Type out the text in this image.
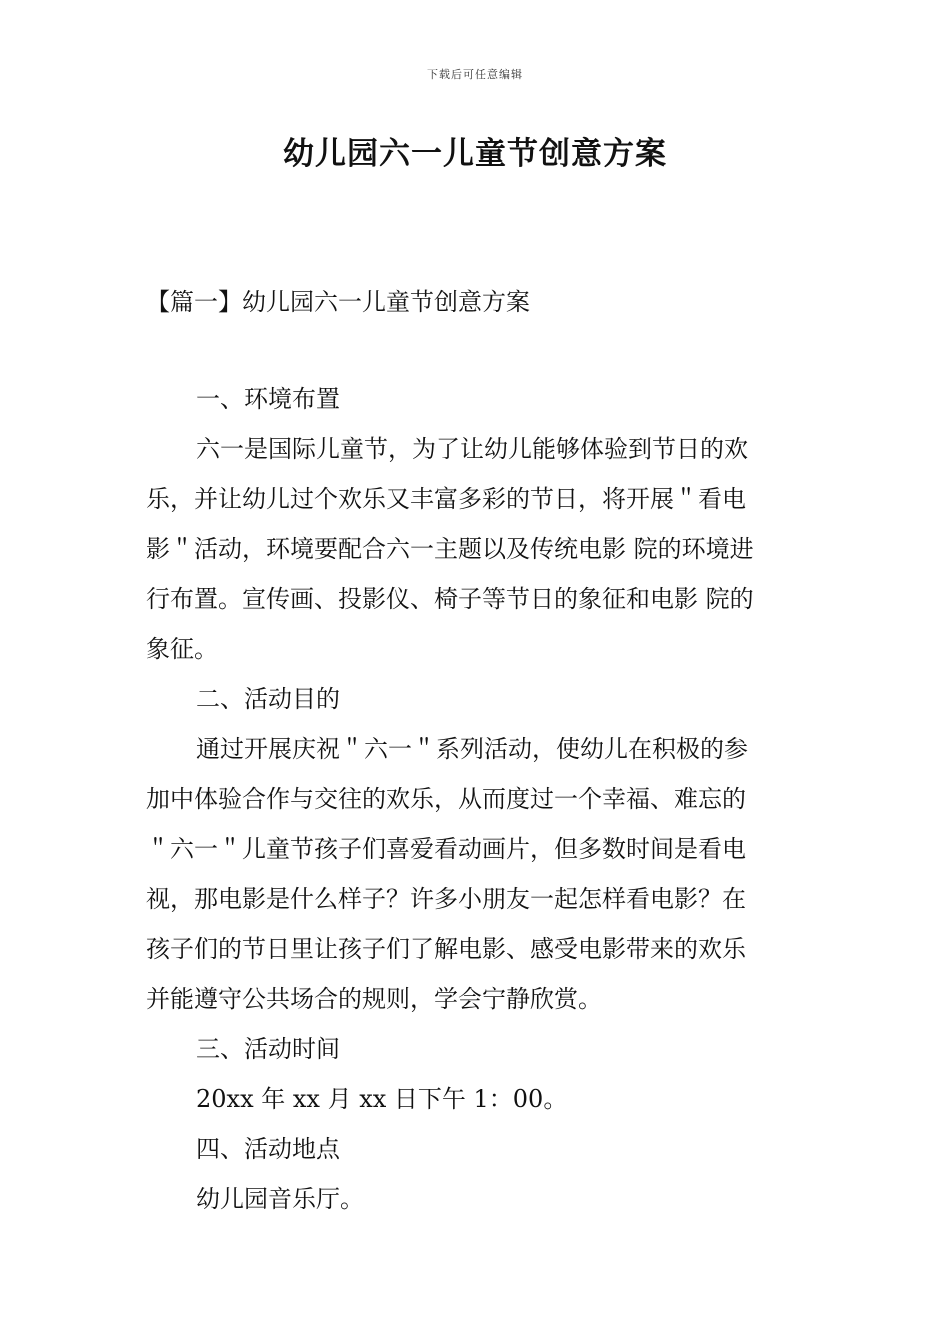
下载后可任意编辑
幼儿园六一儿童节创意方案
【篇一】幼儿园六一儿童节创意方案

一、环境布置

六一是国际儿童节，为了让幼儿能够体验到节日的欢
乐，并让幼儿过个欢乐又丰富多彩的节日，将开展＂看电
影＂活动，环境要配合六一主题以及传统电影 院的环境进
行布置。宣传画、投影仪、椅子等节日的象征和电影 院的
象征。

二、活动目的

通过开展庆祝＂六一＂系列活动，使幼儿在积极的参
加中体验合作与交往的欢乐，从而度过一个幸福、难忘的
＂六一＂儿童节孩子们喜爱看动画片，但多数时间是看电
视，那电影是什么样子？许多小朋友一起怎样看电影？在
孩子们的节日里让孩子们了解电影、感受电影带来的欢乐
并能遵守公共场合的规则，学会宁静欣赏。

三、活动时间

20xx 年 xx 月 xx 日下午 1：00。

四、活动地点

幼儿园音乐厅。
